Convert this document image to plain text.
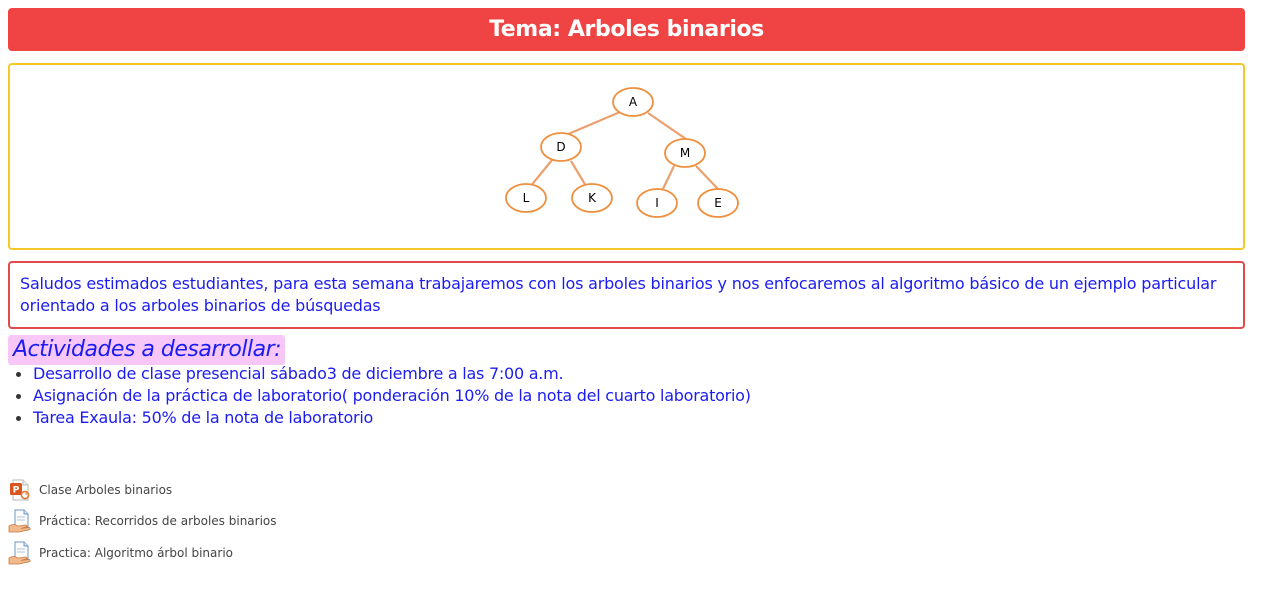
Tema: Arboles binarios
A
D	M
L	K	I	E
Saludos estimados estudiantes, para esta semana trabajaremos con los arboles binarios y nos enfocaremos al algoritmo básico de un ejemplo particular orientado a los arboles binarios de búsquedas
Actividades a desarrollar:
Desarrollo de clase presencial sábado3 de diciembre a las 7:00 a.m.
Asignación de la práctica de laboratorio( ponderación 10% de la nota del cuarto laboratorio)
Tarea Exaula: 50% de la nota de laboratorio
P Clase Arboles binarios
Práctica: Recorridos de arboles binarios
Practica: Algoritmo árbol binario
